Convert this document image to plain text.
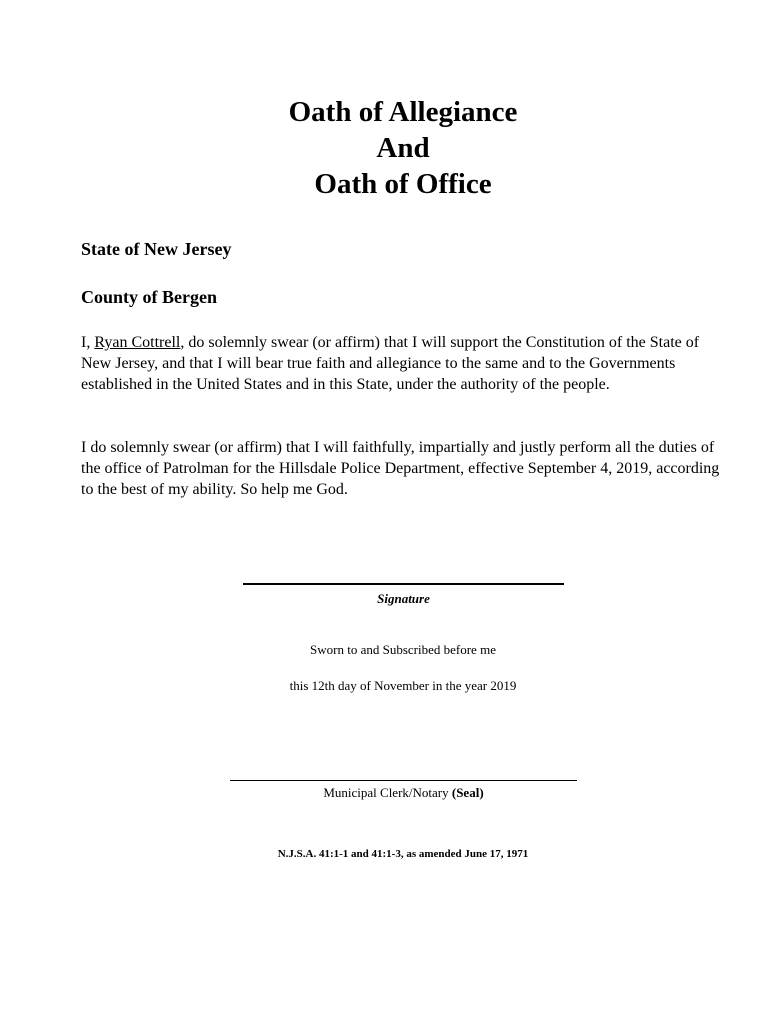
Oath of Allegiance
And
Oath of Office
State of New Jersey
County of Bergen
I, Ryan Cottrell, do solemnly swear (or affirm) that I will support the Constitution of the State of New Jersey, and that I will bear true faith and allegiance to the same and to the Governments established in the United States and in this State, under the authority of the people.
I do solemnly swear (or affirm) that I will faithfully, impartially and justly perform all the duties of the office of Patrolman for the Hillsdale Police Department, effective September 4, 2019, according to the best of my ability. So help me God.
Signature
Sworn to and Subscribed before me
this 12th day of November in the year 2019
Municipal Clerk/Notary (Seal)
N.J.S.A. 41:1-1 and 41:1-3, as amended June 17, 1971
